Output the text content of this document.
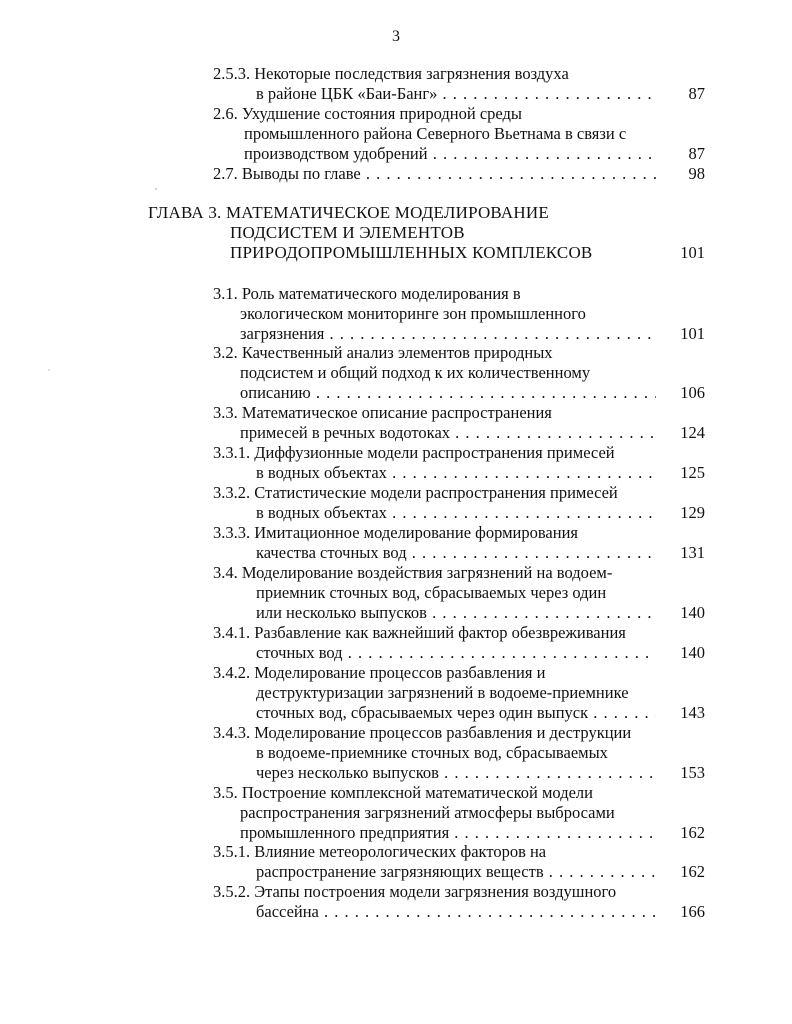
3
2.5.3. Некоторые последствия загрязнения воздуха
в районе ЦБК «Баи-Банг» . . .	87
2.6. Ухудшение состояния природной среды
промышленного района Северного Вьетнама в связи с
производством удобрений . . .	87
2.7. Выводы по главе . . .	98
ГЛАВА 3. МАТЕМАТИЧЕСКОЕ МОДЕЛИРОВАНИЕ
ПОДСИСТЕМ И ЭЛЕМЕНТОВ
ПРИРОДОПРОМЫШЛЕННЫХ КОМПЛЕКСОВ	101
3.1. Роль математического моделирования в
экологическом мониторинге зон промышленного
загрязнения . . .	101
3.2. Качественный анализ элементов природных
подсистем и общий подход к их количественному
описанию . . .	106
3.3. Математическое описание распространения
примесей в речных водотоках . . .	124
3.3.1. Диффузионные модели распространения примесей
в водных объектах . . .	125
3.3.2. Статистические модели распространения примесей
в водных объектах . . .	129
3.3.3. Имитационное моделирование формирования
качества сточных вод . . .	131
3.4. Моделирование воздействия загрязнений на водоем-
приемник сточных вод, сбрасываемых через один
или несколько выпусков . . .	140
3.4.1. Разбавление как важнейший фактор обезвреживания
сточных вод . . .	140
3.4.2. Моделирование процессов разбавления и
деструктуризации загрязнений в водоеме-приемнике
сточных вод, сбрасываемых через один выпуск . . .	143
3.4.3. Моделирование процессов разбавления и деструкции
в водоеме-приемнике сточных вод, сбрасываемых
через несколько выпусков . . .	153
3.5. Построение комплексной математической модели
распространения загрязнений атмосферы выбросами
промышленного предприятия . . .	162
3.5.1. Влияние метеорологических факторов на
распространение загрязняющих веществ . . .	162
3.5.2. Этапы построения модели загрязнения воздушного
бассейна . . .	166
